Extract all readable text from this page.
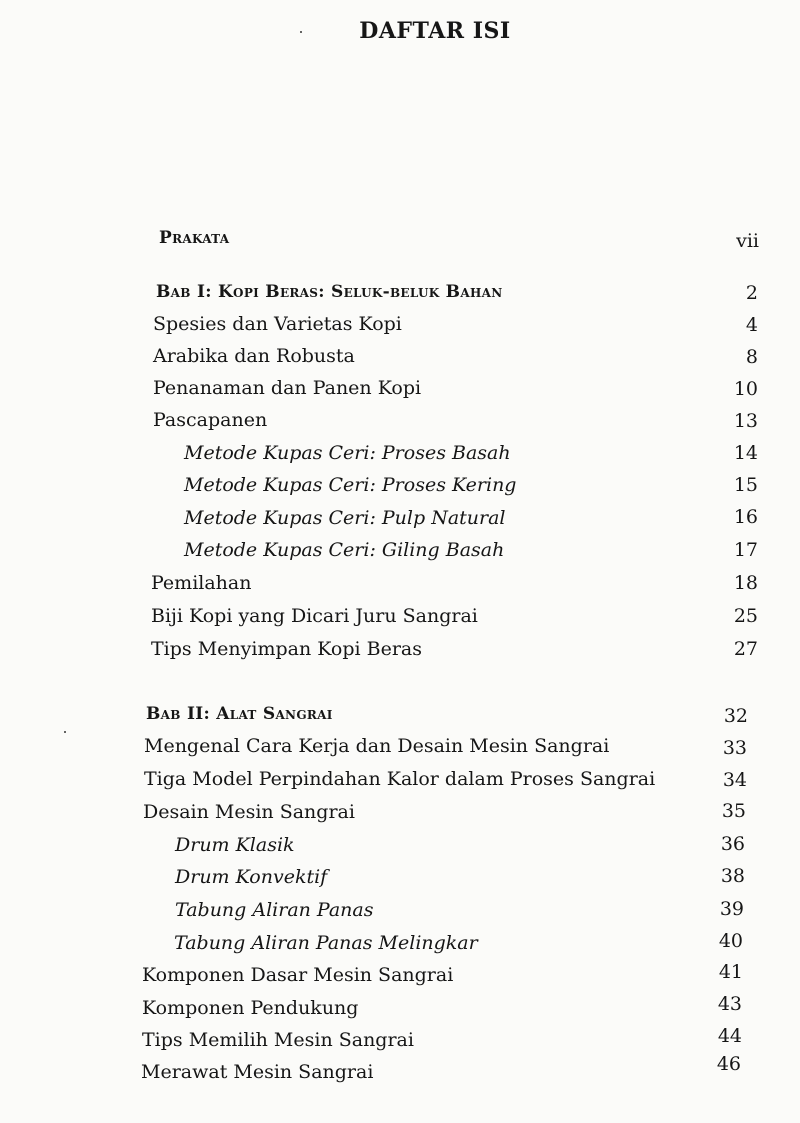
DAFTAR ISI
Prakata	vii
Bab I: Kopi Beras: Seluk-beluk Bahan	2
Spesies dan Varietas Kopi	4
Arabika dan Robusta	8
Penanaman dan Panen Kopi	10
Pascapanen	13
Metode Kupas Ceri: Proses Basah	14
Metode Kupas Ceri: Proses Kering	15
Metode Kupas Ceri: Pulp Natural	16
Metode Kupas Ceri: Giling Basah	17
Pemilahan	18
Biji Kopi yang Dicari Juru Sangrai	25
Tips Menyimpan Kopi Beras	27
Bab II: Alat Sangrai	32
Mengenal Cara Kerja dan Desain Mesin Sangrai	33
Tiga Model Perpindahan Kalor dalam Proses Sangrai	34
Desain Mesin Sangrai	35
Drum Klasik	36
Drum Konvektif	38
Tabung Aliran Panas	39
Tabung Aliran Panas Melingkar	40
Komponen Dasar Mesin Sangrai	41
Komponen Pendukung	43
Tips Memilih Mesin Sangrai	44
Merawat Mesin Sangrai	46
